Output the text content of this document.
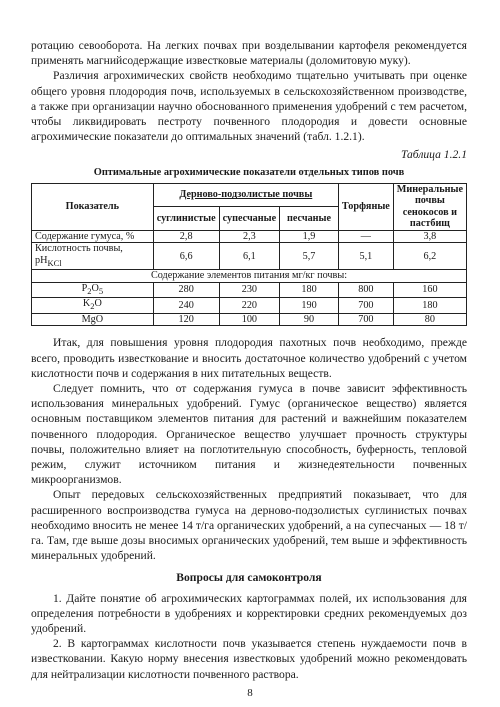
ротацию севооборота. На легких почвах при возделывании картофеля рекомендуется применять магнийсодержащие известковые материалы (доломитовую муку).

Различия агрохимических свойств необходимо тщательно учитывать при оценке общего уровня плодородия почв, используемых в сельскохозяйственном производстве, а также при организации научно обоснованного применения удобрений с тем расчетом, чтобы ликвидировать пестроту почвенного плодородия и довести основные агрохимические показатели до оптимальных значений (табл. 1.2.1).

Таблица 1.2.1
Оптимальные агрохимические показатели отдельных типов почв
Показатель	Дерново-подзолистые почвы			Торфяные	Минеральные почвы сенокосов и пастбищ
	суглинистые	супесчаные	песчаные		
Содержание гумуса, %	2,8	2,3	1,9	—	3,8
Кислотность почвы, $pH_{KCl}$	6,6	6,1	5,7	5,1	6,2
Содержание элементов питания мг/кг почвы:					
$P_2O_5$	280	230	180	800	160
$K_2O$	240	220	190	700	180
MgO	120	100	90	700	80

Итак, для повышения уровня плодородия пахотных почв необходимо, прежде всего, проводить известкование и вносить достаточное количество удобрений с учетом кислотности почв и содержания в них питательных веществ.

Следует помнить, что от содержания гумуса в почве зависит эффективность использования минеральных удобрений. Гумус (органическое вещество) является основным поставщиком элементов питания для растений и важнейшим показателем почвенного плодородия. Органическое вещество улучшает прочность структуры почвы, положительно влияет на поглотительную способность, буферность, тепловой режим, служит источником питания и жизнедеятельности почвенных микроорганизмов.

Опыт передовых сельскохозяйственных предприятий показывает, что для расширенного воспроизводства гумуса на дерново-подзолистых суглинистых почвах необходимо вносить не менее 14 т/га органических удобрений, а на супесчаных — 18 т/га. Там, где выше дозы вносимых органических удобрений, тем выше и эффективность минеральных удобрений.

Вопросы для самоконтроля

1. Дайте понятие об агрохимических картограммах полей, их использования для определения потребности в удобрениях и корректировки средних рекомендуемых доз удобрений.

2. В картограммах кислотности почв указывается степень нуждаемости почв в известковании. Какую норму внесения известковых удобрений можно рекомендовать для нейтрализации кислотности почвенного раствора.

8
